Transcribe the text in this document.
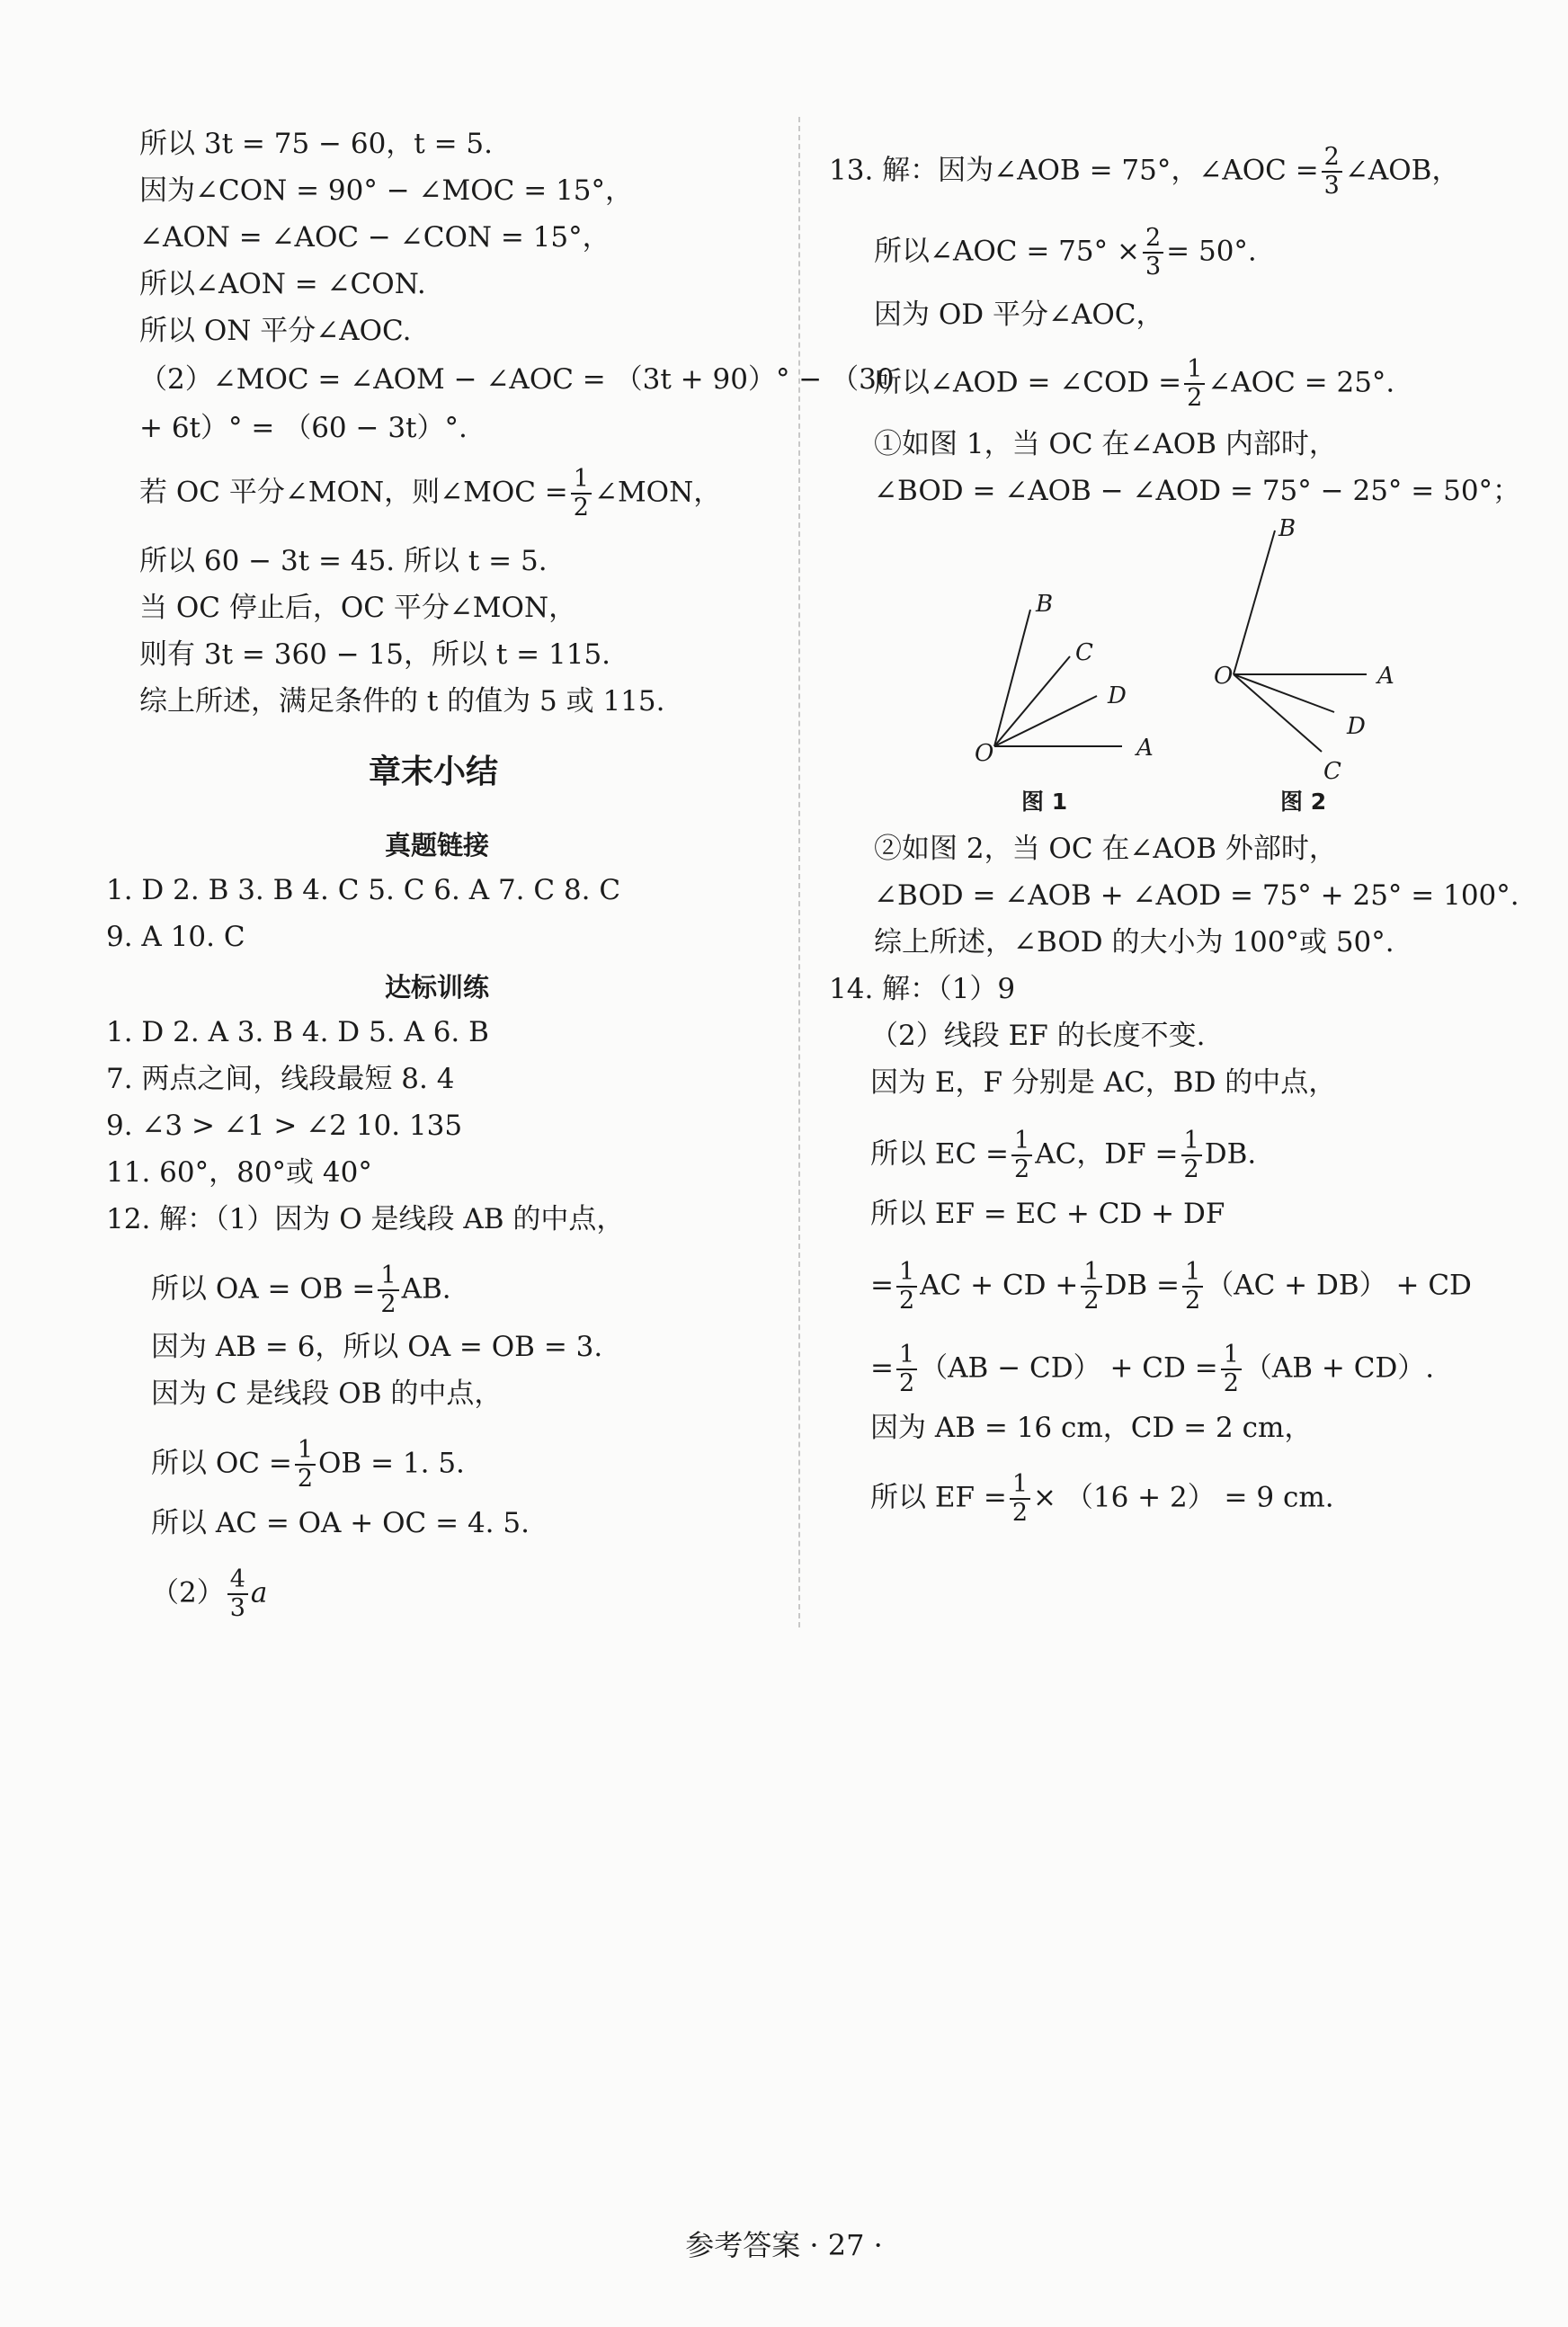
所以 3t = 75 − 60，t = 5.
因为∠CON = 90° − ∠MOC = 15°，
∠AON = ∠AOC − ∠CON = 15°，
所以∠AON = ∠CON.
所以 ON 平分∠AOC.
（2）∠MOC = ∠AOM − ∠AOC = （3t + 90）° − （30
+ 6t）° = （60 − 3t）°.
若 OC 平分∠MON，则∠MOC = $\frac{1}{2}$ ∠MON，
所以 60 − 3t = 45. 所以 t = 5.
当 OC 停止后，OC 平分∠MON，
则有 3t = 360 − 15，所以 t = 115.
综上所述，满足条件的 t 的值为 5 或 115.
章末小结
真题链接
1. D 2. B 3. B 4. C 5. C 6. A 7. C 8. C
9. A 10. C
达标训练
1. D 2. A 3. B 4. D 5. A 6. B
7. 两点之间，线段最短 8. 4
9. ∠3 > ∠1 > ∠2 10. 135
11. 60°，80°或 40°
12. 解：（1）因为 O 是线段 AB 的中点，
所以 OA = OB = $\frac{1}{2}$ AB.
因为 AB = 6，所以 OA = OB = 3.
因为 C 是线段 OB 的中点，
所以 OC = $\frac{1}{2}$ OB = 1. 5.
所以 AC = OA + OC = 4. 5.
$(2) \frac{4}{3}$ a
13. 解：因为∠AOB = 75°，∠AOC = $\frac{2}{3}$ ∠AOB，
所以∠AOC = $75^\circ \times \frac{2}{3} = 50^\circ$.
因为 OD 平分∠AOC，
所以∠AOD = ∠COD = $\frac{1}{2}$ ∠AOC = 25°.
①如图 1，当 OC 在∠AOB 内部时，
∠BOD = ∠AOB − ∠AOD = 75° − 25° = 50°；
②如图 2，当 OC 在∠AOB 外部时，
∠BOD = ∠AOB + ∠AOD = 75° + 25° = 100°.
综上所述，∠BOD 的大小为 100°或 50°.
14. 解：（1）9
（2）线段 EF 的长度不变.
因为 E，F 分别是 AC，BD 的中点，
所以 EC = $\frac{1}{2}$ AC，DF = $\frac{1}{2}$ DB.
所以 EF = EC + CD + DF
= $\frac{1}{2}$ AC + CD + $\frac{1}{2}$ DB = $\frac{1}{2} (AC + DB)$ + CD
= $\frac{1}{2} (AB - CD)$ + CD = $\frac{1}{2} (AB + CD)$.
因为 AB = 16 cm，CD = 2 cm，
所以 EF = $\frac{1}{2} \times (16 + 2) = 9$ cm.
O
B
C
D
A
图 1
O
B
A
D
C
图 2
参考答案 · 27 ·
